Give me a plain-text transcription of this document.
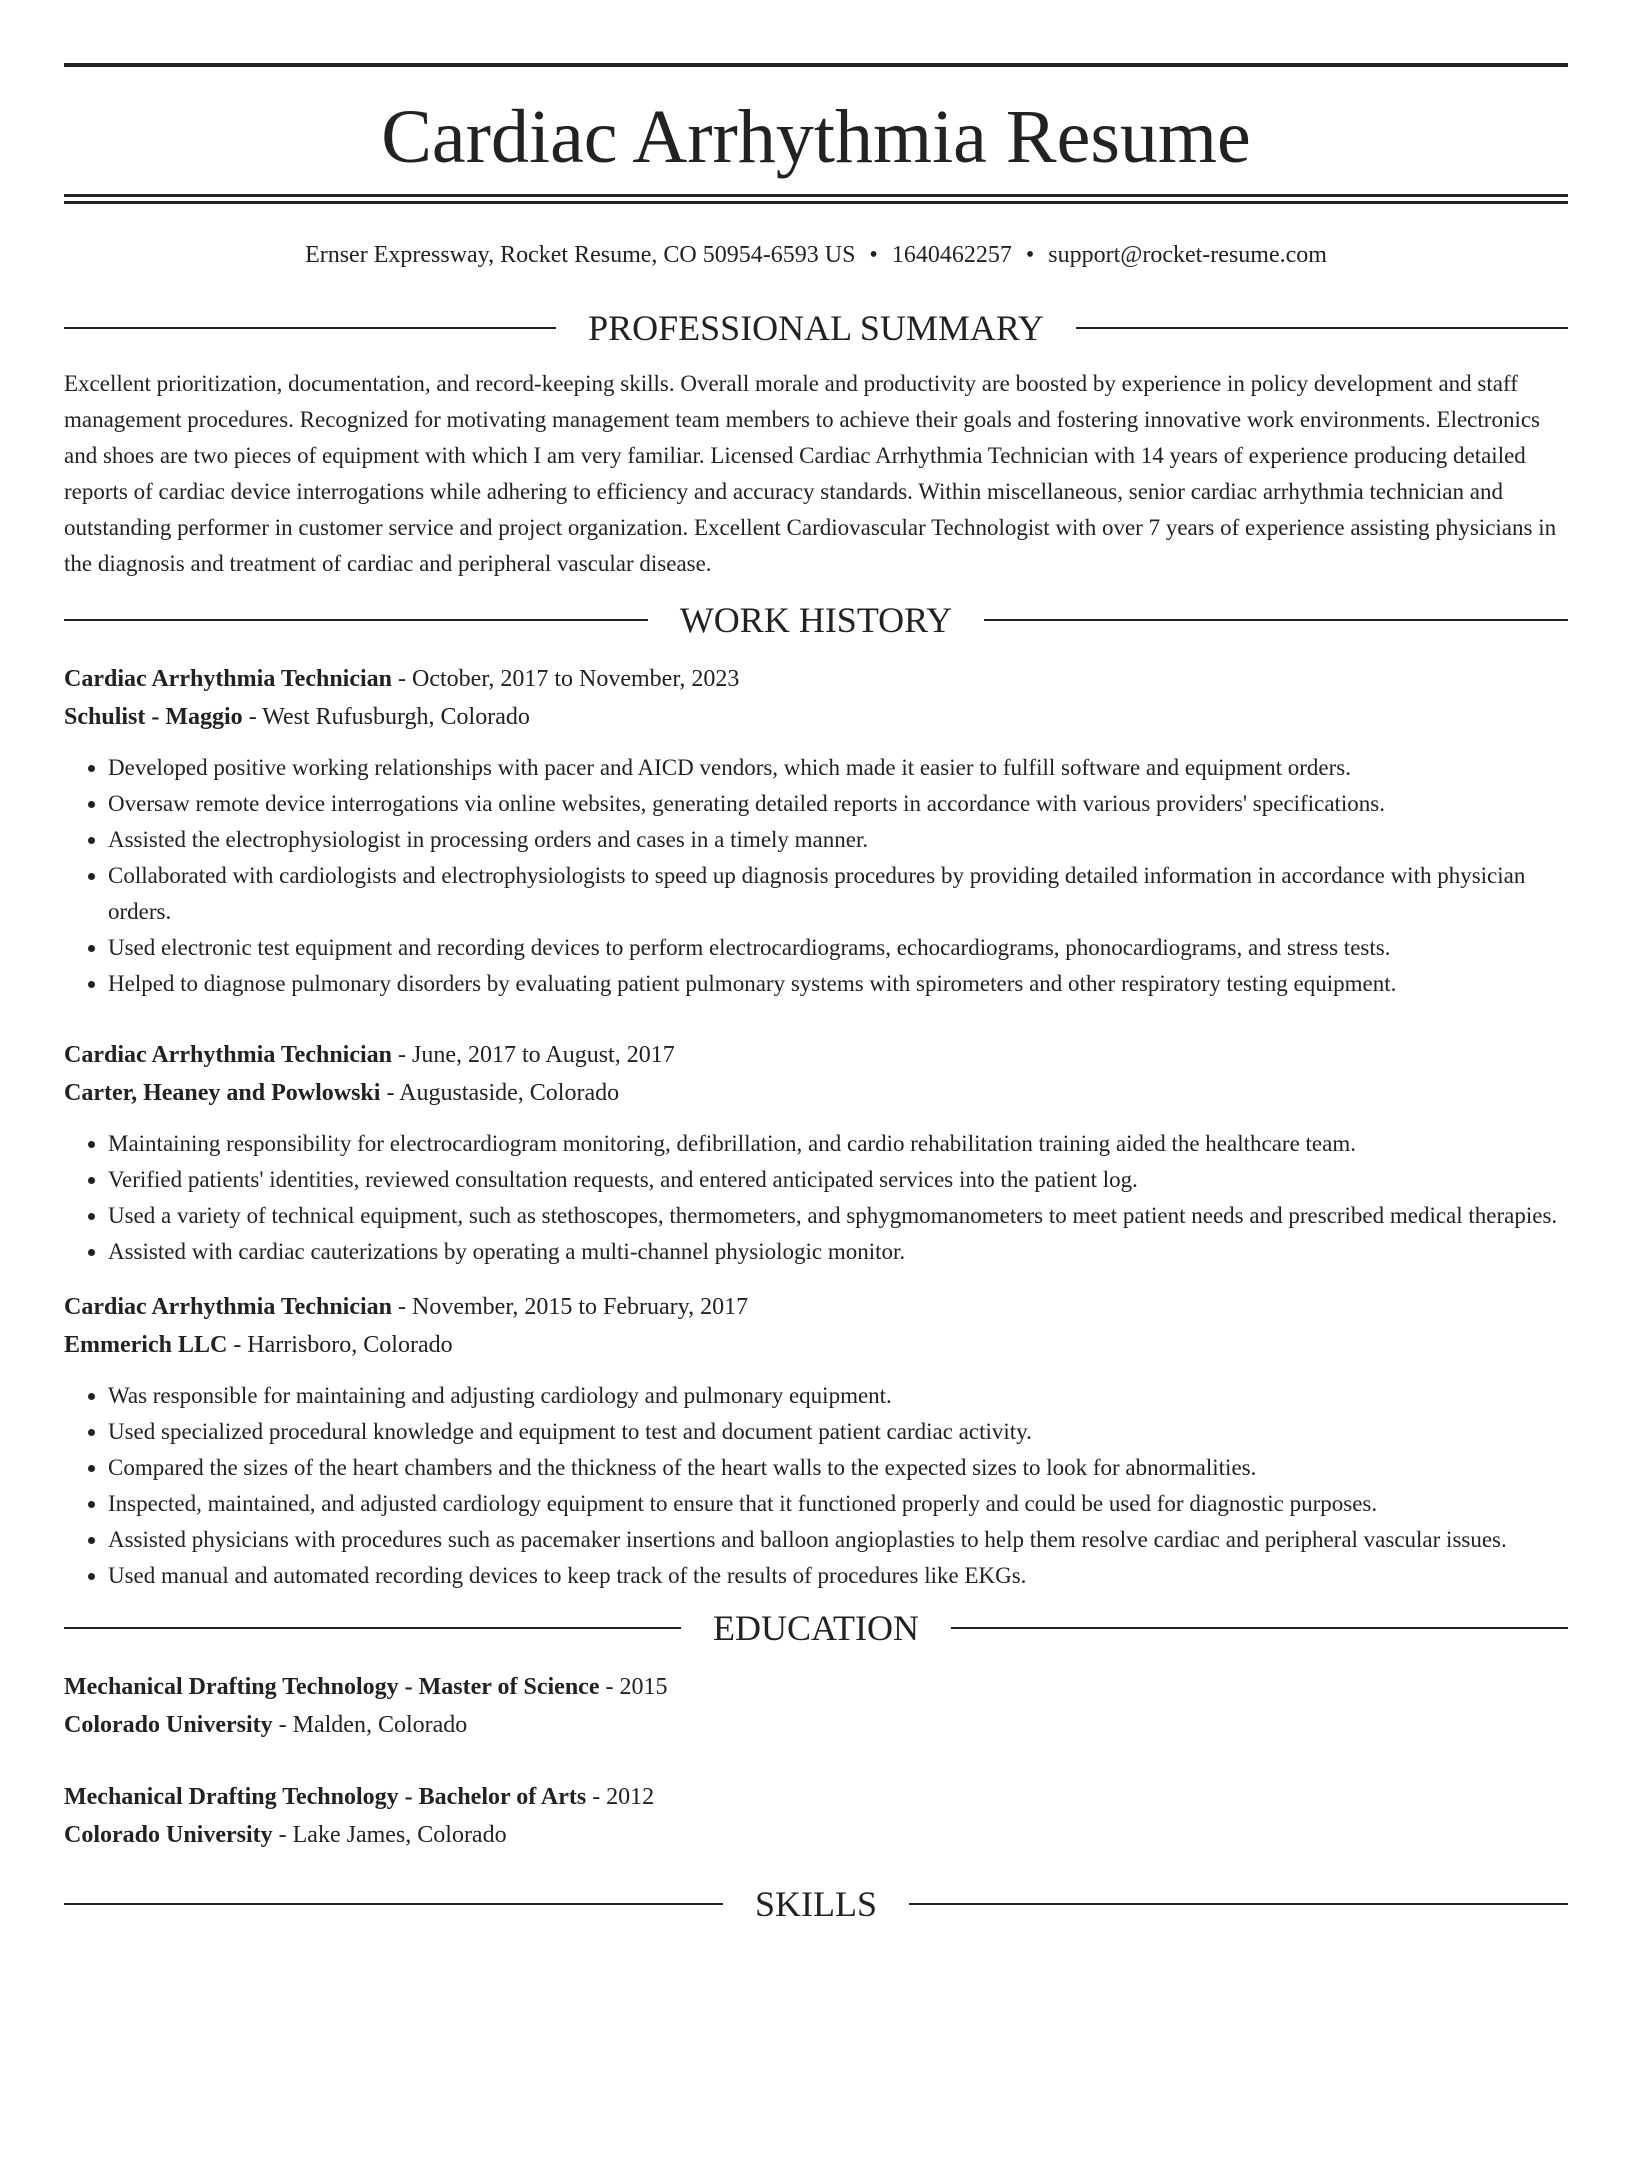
Cardiac Arrhythmia Resume
Ernser Expressway, Rocket Resume, CO 50954-6593 US • 1640462257 • support@rocket-resume.com
PROFESSIONAL SUMMARY

Excellent prioritization, documentation, and record-keeping skills. Overall morale and productivity are boosted by experience in policy development and staff management procedures. Recognized for motivating management team members to achieve their goals and fostering innovative work environments. Electronics and shoes are two pieces of equipment with which I am very familiar. Licensed Cardiac Arrhythmia Technician with 14 years of experience producing detailed reports of cardiac device interrogations while adhering to efficiency and accuracy standards. Within miscellaneous, senior cardiac arrhythmia technician and outstanding performer in customer service and project organization. Excellent Cardiovascular Technologist with over 7 years of experience assisting physicians in the diagnosis and treatment of cardiac and peripheral vascular disease.

WORK HISTORY
Cardiac Arrhythmia Technician - October, 2017 to November, 2023
Schulist - Maggio - West Rufusburgh, Colorado
• Developed positive working relationships with pacer and AICD vendors, which made it easier to fulfill software and equipment orders.
• Oversaw remote device interrogations via online websites, generating detailed reports in accordance with various providers' specifications.
• Assisted the electrophysiologist in processing orders and cases in a timely manner.
• Collaborated with cardiologists and electrophysiologists to speed up diagnosis procedures by providing detailed information in accordance with physician orders.
• Used electronic test equipment and recording devices to perform electrocardiograms, echocardiograms, phonocardiograms, and stress tests.
• Helped to diagnose pulmonary disorders by evaluating patient pulmonary systems with spirometers and other respiratory testing equipment.
Cardiac Arrhythmia Technician - June, 2017 to August, 2017
Carter, Heaney and Powlowski - Augustaside, Colorado
• Maintaining responsibility for electrocardiogram monitoring, defibrillation, and cardio rehabilitation training aided the healthcare team.
• Verified patients' identities, reviewed consultation requests, and entered anticipated services into the patient log.
• Used a variety of technical equipment, such as stethoscopes, thermometers, and sphygmomanometers to meet patient needs and prescribed medical therapies.
• Assisted with cardiac cauterizations by operating a multi-channel physiologic monitor.
Cardiac Arrhythmia Technician - November, 2015 to February, 2017
Emmerich LLC - Harrisboro, Colorado
• Was responsible for maintaining and adjusting cardiology and pulmonary equipment.
• Used specialized procedural knowledge and equipment to test and document patient cardiac activity.
• Compared the sizes of the heart chambers and the thickness of the heart walls to the expected sizes to look for abnormalities.
• Inspected, maintained, and adjusted cardiology equipment to ensure that it functioned properly and could be used for diagnostic purposes.
• Assisted physicians with procedures such as pacemaker insertions and balloon angioplasties to help them resolve cardiac and peripheral vascular issues.
• Used manual and automated recording devices to keep track of the results of procedures like EKGs.
EDUCATION
Mechanical Drafting Technology - Master of Science - 2015
Colorado University - Malden, Colorado
Mechanical Drafting Technology - Bachelor of Arts - 2012
Colorado University - Lake James, Colorado
SKILLS
